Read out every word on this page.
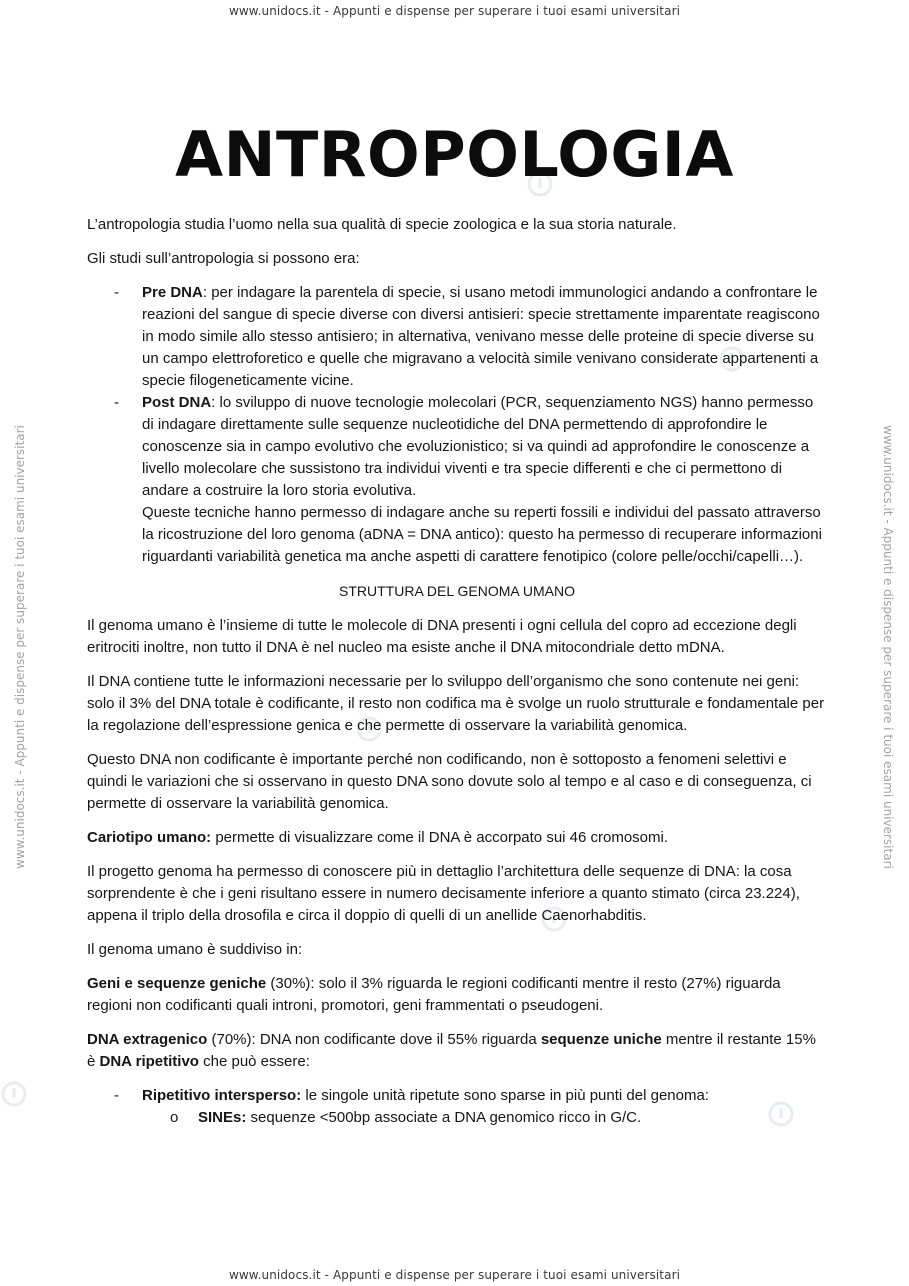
www.unidocs.it - Appunti e dispense per superare i tuoi esami universitari
www.unidocs.it - Appunti e dispense per superare i tuoi esami universitari	www.unidocs.it - Appunti e dispense per superare i tuoi esami universitari
ANTROPOLOGIA

L’antropologia studia l’uomo nella sua qualità di specie zoologica e la sua storia naturale.

Gli studi sull’antropologia si possono era:

- Pre DNA: per indagare la parentela di specie, si usano metodi immunologici andando a confrontare le reazioni del sangue di specie diverse con diversi antisieri: specie strettamente imparentate reagiscono in modo simile allo stesso antisiero; in alternativa, venivano messe delle proteine di specie diverse su un campo elettroforetico e quelle che migravano a velocità simile venivano considerate appartenenti a specie filogeneticamente vicine.
- Post DNA: lo sviluppo di nuove tecnologie molecolari (PCR, sequenziamento NGS) hanno permesso di indagare direttamente sulle sequenze nucleotidiche del DNA permettendo di approfondire le conoscenze sia in campo evolutivo che evoluzionistico; si va quindi ad approfondire le conoscenze a livello molecolare che sussistono tra individui viventi e tra specie differenti e che ci permettono di andare a costruire la loro storia evolutiva.
Queste tecniche hanno permesso di indagare anche su reperti fossili e individui del passato attraverso la ricostruzione del loro genoma (aDNA = DNA antico): questo ha permesso di recuperare informazioni riguardanti variabilità genetica ma anche aspetti di carattere fenotipico (colore pelle/occhi/capelli…).

STRUTTURA DEL GENOMA UMANO

Il genoma umano è l’insieme di tutte le molecole di DNA presenti i ogni cellula del copro ad eccezione degli eritrociti inoltre, non tutto il DNA è nel nucleo ma esiste anche il DNA mitocondriale detto mDNA.

Il DNA contiene tutte le informazioni necessarie per lo sviluppo dell’organismo che sono contenute nei geni: solo il 3% del DNA totale è codificante, il resto non codifica ma è svolge un ruolo strutturale e fondamentale per la regolazione dell’espressione genica e che permette di osservare la variabilità genomica.

Questo DNA non codificante è importante perché non codificando, non è sottoposto a fenomeni selettivi e quindi le variazioni che si osservano in questo DNA sono dovute solo al tempo e al caso e di conseguenza, ci permette di osservare la variabilità genomica.

Cariotipo umano: permette di visualizzare come il DNA è accorpato sui 46 cromosomi.

Il progetto genoma ha permesso di conoscere più in dettaglio l’architettura delle sequenze di DNA: la cosa sorprendente è che i geni risultano essere in numero decisamente inferiore a quanto stimato (circa 23.224), appena il triplo della drosofila e circa il doppio di quelli di un anellide Caenorhabditis.

Il genoma umano è suddiviso in:

Geni e sequenze geniche (30%): solo il 3% riguarda le regioni codificanti mentre il resto (27%) riguarda regioni non codificanti quali introni, promotori, geni frammentati o pseudogeni.

DNA extragenico (70%): DNA non codificante dove il 55% riguarda sequenze uniche mentre il restante 15% è DNA ripetitivo che può essere:

- Ripetitivo intersperso: le singole unità ripetute sono sparse in più punti del genoma:
o SINEs: sequenze <500bp associate a DNA genomico ricco in G/C.
www.unidocs.it - Appunti e dispense per superare i tuoi esami universitari
